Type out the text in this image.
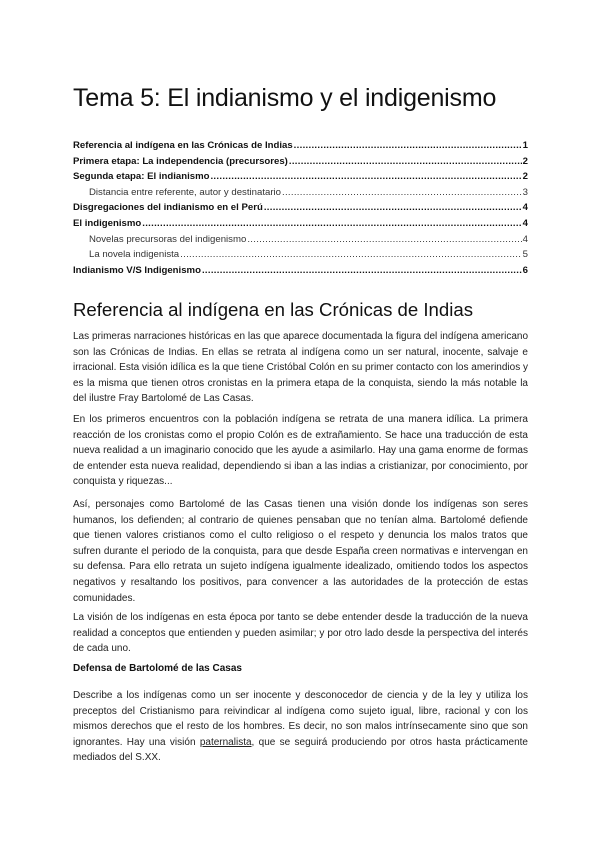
Tema 5: El indianismo y el indigenismo
Referencia al indígena en las Crónicas de Indias .....	1
Primera etapa: La independencia (precursores) .....	2
Segunda etapa: El indianismo .....	2
Distancia entre referente, autor y destinatario .....	3
Disgregaciones del indianismo en el Perú .....	4
El indigenismo .....	4
Novelas precursoras del indigenismo .....	4
La novela indigenista .....	5
Indianismo V/S Indigenismo .....	6
Referencia al indígena en las Crónicas de Indias

Las primeras narraciones históricas en las que aparece documentada la figura del indígena americano son las Crónicas de Indias. En ellas se retrata al indígena como un ser natural, inocente, salvaje e irracional. Esta visión idílica es la que tiene Cristóbal Colón en su primer contacto con los amerindios y es la misma que tienen otros cronistas en la primera etapa de la conquista, siendo la más notable la del ilustre Fray Bartolomé de Las Casas.

En los primeros encuentros con la población indígena se retrata de una manera idílica. La primera reacción de los cronistas como el propio Colón es de extrañamiento. Se hace una traducción de esta nueva realidad a un imaginario conocido que les ayude a asimilarlo. Hay una gama enorme de formas de entender esta nueva realidad, dependiendo si iban a las indias a cristianizar, por conocimiento, por conquista y riquezas...

Así, personajes como Bartolomé de las Casas tienen una visión donde los indígenas son seres humanos, los defienden; al contrario de quienes pensaban que no tenían alma. Bartolomé defiende que tienen valores cristianos como el culto religioso o el respeto y denuncia los malos tratos que sufren durante el periodo de la conquista, para que desde España creen normativas e intervengan en su defensa. Para ello retrata un sujeto indígena igualmente idealizado, omitiendo todos los aspectos negativos y resaltando los positivos, para convencer a las autoridades de la protección de estas comunidades.

La visión de los indígenas en esta época por tanto se debe entender desde la traducción de la nueva realidad a conceptos que entienden y pueden asimilar; y por otro lado desde la perspectiva del interés de cada uno.

Defensa de Bartolomé de las Casas

Describe a los indígenas como un ser inocente y desconocedor de ciencia y de la ley y utiliza los preceptos del Cristianismo para reivindicar al indígena como sujeto igual, libre, racional y con los mismos derechos que el resto de los hombres. Es decir, no son malos intrínsecamente sino que son ignorantes. Hay una visión paternalista, que se seguirá produciendo por otros hasta prácticamente mediados del S.XX.
